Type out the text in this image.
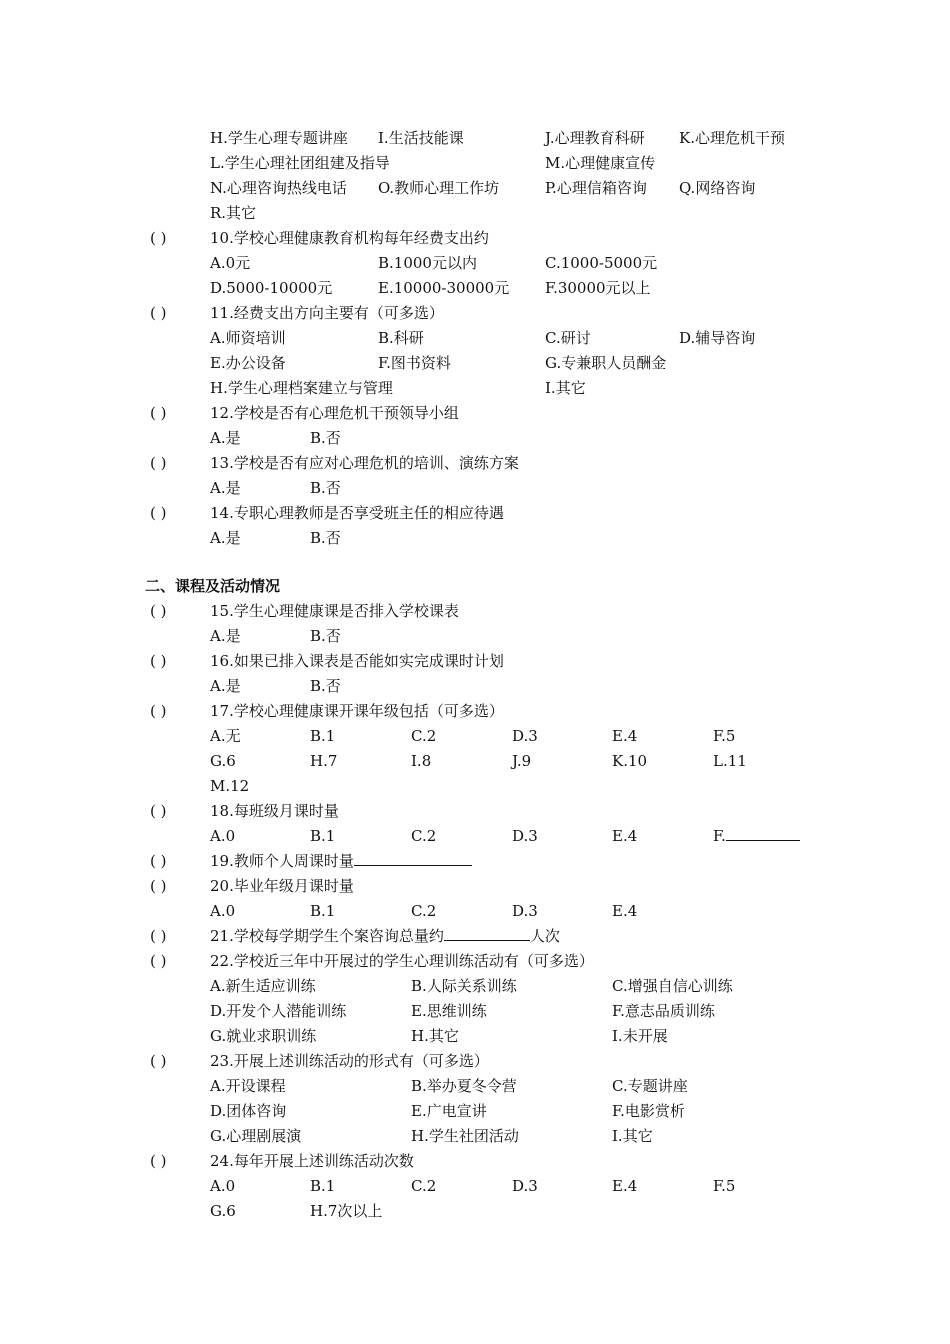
H.学生心理专题讲座 I.生活技能课	J.心理教育科研 K.心理危机干预
L.学生心理社团组建及指导	M.心理健康宣传
N.心理咨询热线电话 O.教师心理工作坊	P.心理信箱咨询 Q.网络咨询
R.其它
( )	10.学校心理健康教育机构每年经费支出约
A.0元	B.1000元以内	C.1000-5000元
D.5000-10000元	E.10000-30000元 F.30000元以上
( )	11.经费支出方向主要有（可多选）
A.师资培训	B.科研	C.研讨	D.辅导咨询
E.办公设备	F.图书资料	G.专兼职人员酬金
H.学生心理档案建立与管理	I.其它
( )	12.学校是否有心理危机干预领导小组
A.是	B.否
( )	13.学校是否有应对心理危机的培训、演练方案
A.是	B.否
( )	14.专职心理教师是否享受班主任的相应待遇
A.是	B.否
( )	15.学生心理健康课是否排入学校课表
A.是	B.否
( )	16.如果已排入课表是否能如实完成课时计划
A.是	B.否
( )	17.学校心理健康课开课年级包括（可多选）
A.无	B.1	C.2	D.3	E.4	F.5
G.6	H.7	I.8	J.9	K.10	L.11
M.12
( )	18.每班级月课时量
A.0	B.1	C.2	D.3	E.4	F.
( )	19.教师个人周课时量
( )	20.毕业年级月课时量
A.0	B.1	C.2	D.3	E.4
( )	21.学校每学期学生个案咨询总量约	人次
( )	22.学校近三年中开展过的学生心理训练活动有（可多选）
A.新生适应训练	B.人际关系训练	C.增强自信心训练
D.开发个人潜能训练	E.思维训练	F.意志品质训练
G.就业求职训练	H.其它	I.未开展
( )	23.开展上述训练活动的形式有（可多选）
A.开设课程	B.举办夏冬令营	C.专题讲座
D.团体咨询	E.广电宣讲	F.电影赏析
G.心理剧展演	H.学生社团活动	I.其它
( )	24.每年开展上述训练活动次数
A.0	B.1	C.2	D.3	E.4	F.5
G.6	H.7次以上
二、课程及活动情况
